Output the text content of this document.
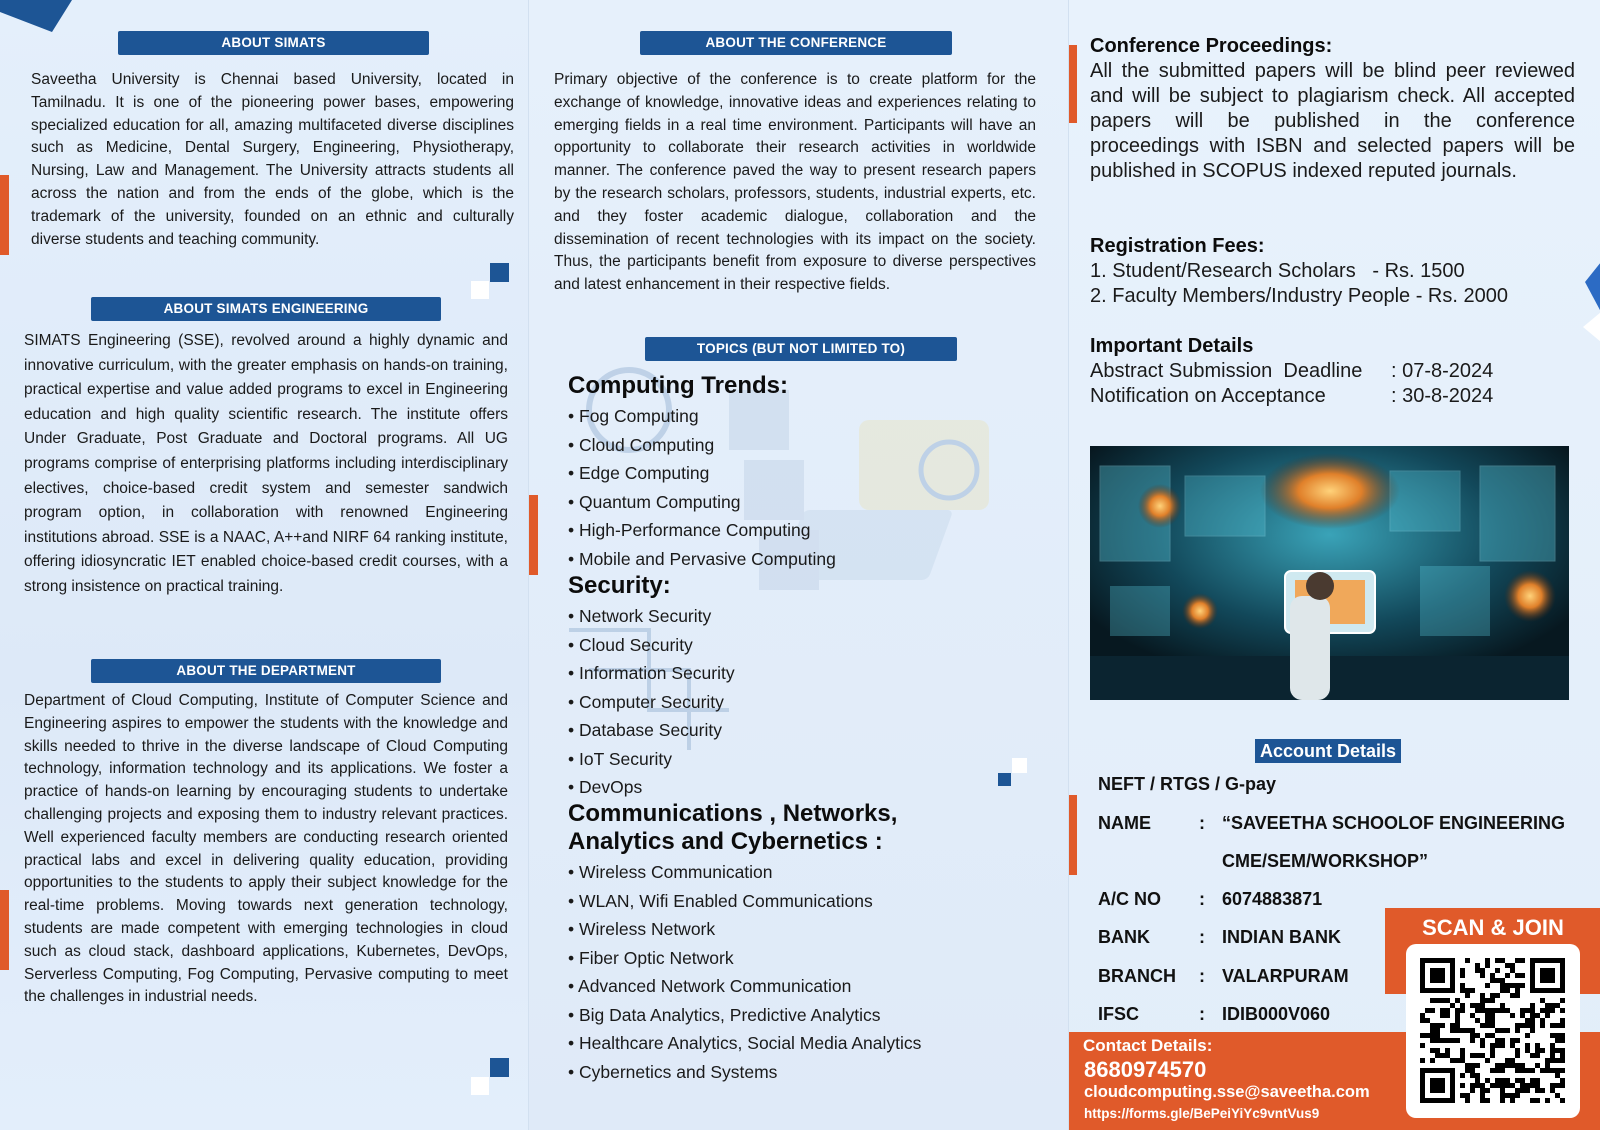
ABOUT SIMATS

Saveetha University is Chennai based University, located in Tamilnadu. It is one of the pioneering power bases, empowering specialized education for all, amazing multifaceted diverse disciplines such as Medicine, Dental Surgery, Engineering, Physiotherapy, Nursing, Law and Management. The University attracts students all across the nation and from the ends of the globe, which is the trademark of the university, founded on an ethnic and culturally diverse students and teaching community.

ABOUT SIMATS ENGINEERING

SIMATS Engineering (SSE), revolved around a highly dynamic and innovative curriculum, with the greater emphasis on hands-on training, practical expertise and value added programs to excel in Engineering education and high quality scientific research. The institute offers Under Graduate, Post Graduate and Doctoral programs. All UG programs comprise of enterprising platforms including interdisciplinary electives, choice-based credit system and semester sandwich program option, in collaboration with renowned Engineering institutions abroad. SSE is a NAAC, A++and NIRF 64 ranking institute, offering idiosyncratic IET enabled choice-based credit courses, with a strong insistence on practical training.

ABOUT THE DEPARTMENT

Department of Cloud Computing, Institute of Computer Science and Engineering aspires to empower the students with the knowledge and skills needed to thrive in the diverse landscape of Cloud Computing technology, information technology and its applications. We foster a practice of hands-on learning by encouraging students to undertake challenging projects and exposing them to industry relevant practices. Well experienced faculty members are conducting research oriented practical labs and excel in delivering quality education, providing opportunities to the students to apply their subject knowledge for the real-time problems. Moving towards next generation technology, students are made competent with emerging technologies in cloud such as cloud stack, dashboard applications, Kubernetes, DevOps, Serverless Computing, Fog Computing, Pervasive computing to meet the challenges in industrial needs.

ABOUT THE CONFERENCE

Primary objective of the conference is to create platform for the exchange of knowledge, innovative ideas and experiences relating to emerging fields in a real time environment. Participants will have an opportunity to collaborate their research activities in worldwide manner. The conference paved the way to present research papers by the research scholars, professors, students, industrial experts, etc. and they foster academic dialogue, collaboration and the dissemination of recent technologies with its impact on the society. Thus, the participants benefit from exposure to diverse perspectives and latest enhancement in their respective fields.

TOPICS (BUT NOT LIMITED TO)
Computing Trends:
• Fog Computing
• Cloud Computing
• Edge Computing
• Quantum Computing
• High-Performance Computing
• Mobile and Pervasive Computing
Security:
• Network Security
• Cloud Security
• Information Security
• Computer Security
• Database Security
• IoT Security
• DevOps
Communications , Networks,
Analytics and Cybernetics :
• Wireless Communication
• WLAN, Wifi Enabled Communications
• Wireless Network
• Fiber Optic Network
• Advanced Network Communication
• Big Data Analytics, Predictive Analytics
• Healthcare Analytics, Social Media Analytics
• Cybernetics and Systems
Conference Proceedings:
All the submitted papers will be blind peer reviewed and will be subject to plagiarism check. All accepted papers will be published in the conference proceedings with ISBN and selected papers will be published in SCOPUS indexed reputed journals.
Registration Fees:
1. Student/Research Scholars   - Rs. 1500
2. Faculty Members/Industry People - Rs. 2000
Important Details
Abstract Submission  Deadline : 07-8-2024
Notification on Acceptance	: 30-8-2024
Account Details
NEFT / RTGS / G-pay
NAME	: “SAVEETHA SCHOOLOF ENGINEERING
CME/SEM/WORKSHOP”
A/C NO : 6074883871
SCAN & JOIN
BANK	: INDIAN BANK
BRANCH : VALARPURAM
IFSC	: IDIB000V060
Contact Details:
8680974570
cloudcomputing.sse@saveetha.com
https://forms.gle/BePeiYiYc9vntVus9
